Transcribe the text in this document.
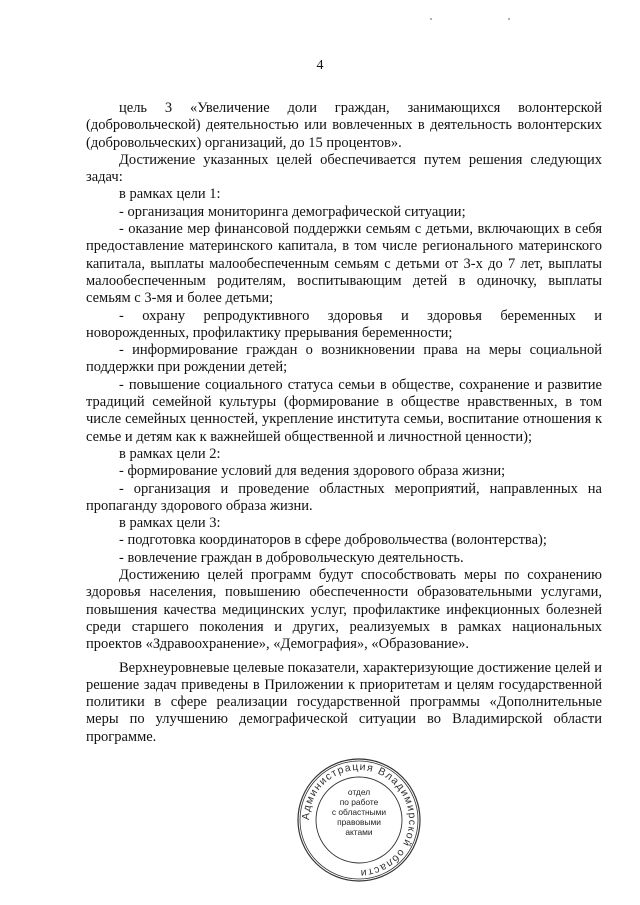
4

цель 3 «Увеличение доли граждан, занимающихся волонтерской (добровольческой) деятельностью или вовлеченных в деятельность волонтерских (добровольческих) организаций, до 15 процентов».

Достижение указанных целей обеспечивается путем решения следующих задач:

в рамках цели 1:

- организация мониторинга демографической ситуации;

- оказание мер финансовой поддержки семьям с детьми, включающих в себя предоставление материнского капитала, в том числе регионального материнского капитала, выплаты малообеспеченным семьям с детьми от 3-х до 7 лет, выплаты малообеспеченным родителям, воспитывающим детей в одиночку, выплаты семьям с 3-мя и более детьми;

- охрану репродуктивного здоровья и здоровья беременных и новорожденных, профилактику прерывания беременности;

- информирование граждан о возникновении права на меры социальной поддержки при рождении детей;

- повышение социального статуса семьи в обществе, сохранение и развитие традиций семейной культуры (формирование в обществе нравственных, в том числе семейных ценностей, укрепление института семьи, воспитание отношения к семье и детям как к важнейшей общественной и личностной ценности);

в рамках цели 2:

- формирование условий для ведения здорового образа жизни;

- организация и проведение областных мероприятий, направленных на пропаганду здорового образа жизни.

в рамках цели 3:

- подготовка координаторов в сфере добровольчества (волонтерства);

- вовлечение граждан в добровольческую деятельность.

Достижению целей программ будут способствовать меры по сохранению здоровья населения, повышению обеспеченности образовательными услугами, повышения качества медицинских услуг, профилактике инфекционных болезней среди старшего поколения и других, реализуемых в рамках национальных проектов «Здравоохранение», «Демография», «Образование».

Верхнеуровневые целевые показатели, характеризующие достижение целей и решение задач приведены в Приложении к приоритетам и целям государственной политики в сфере реализации государственной программы «Дополнительные меры по улучшению демографической ситуации во Владимирской области программе.

Администрация Владимирской области
отдел
по работе
с областными
правовыми
актами
